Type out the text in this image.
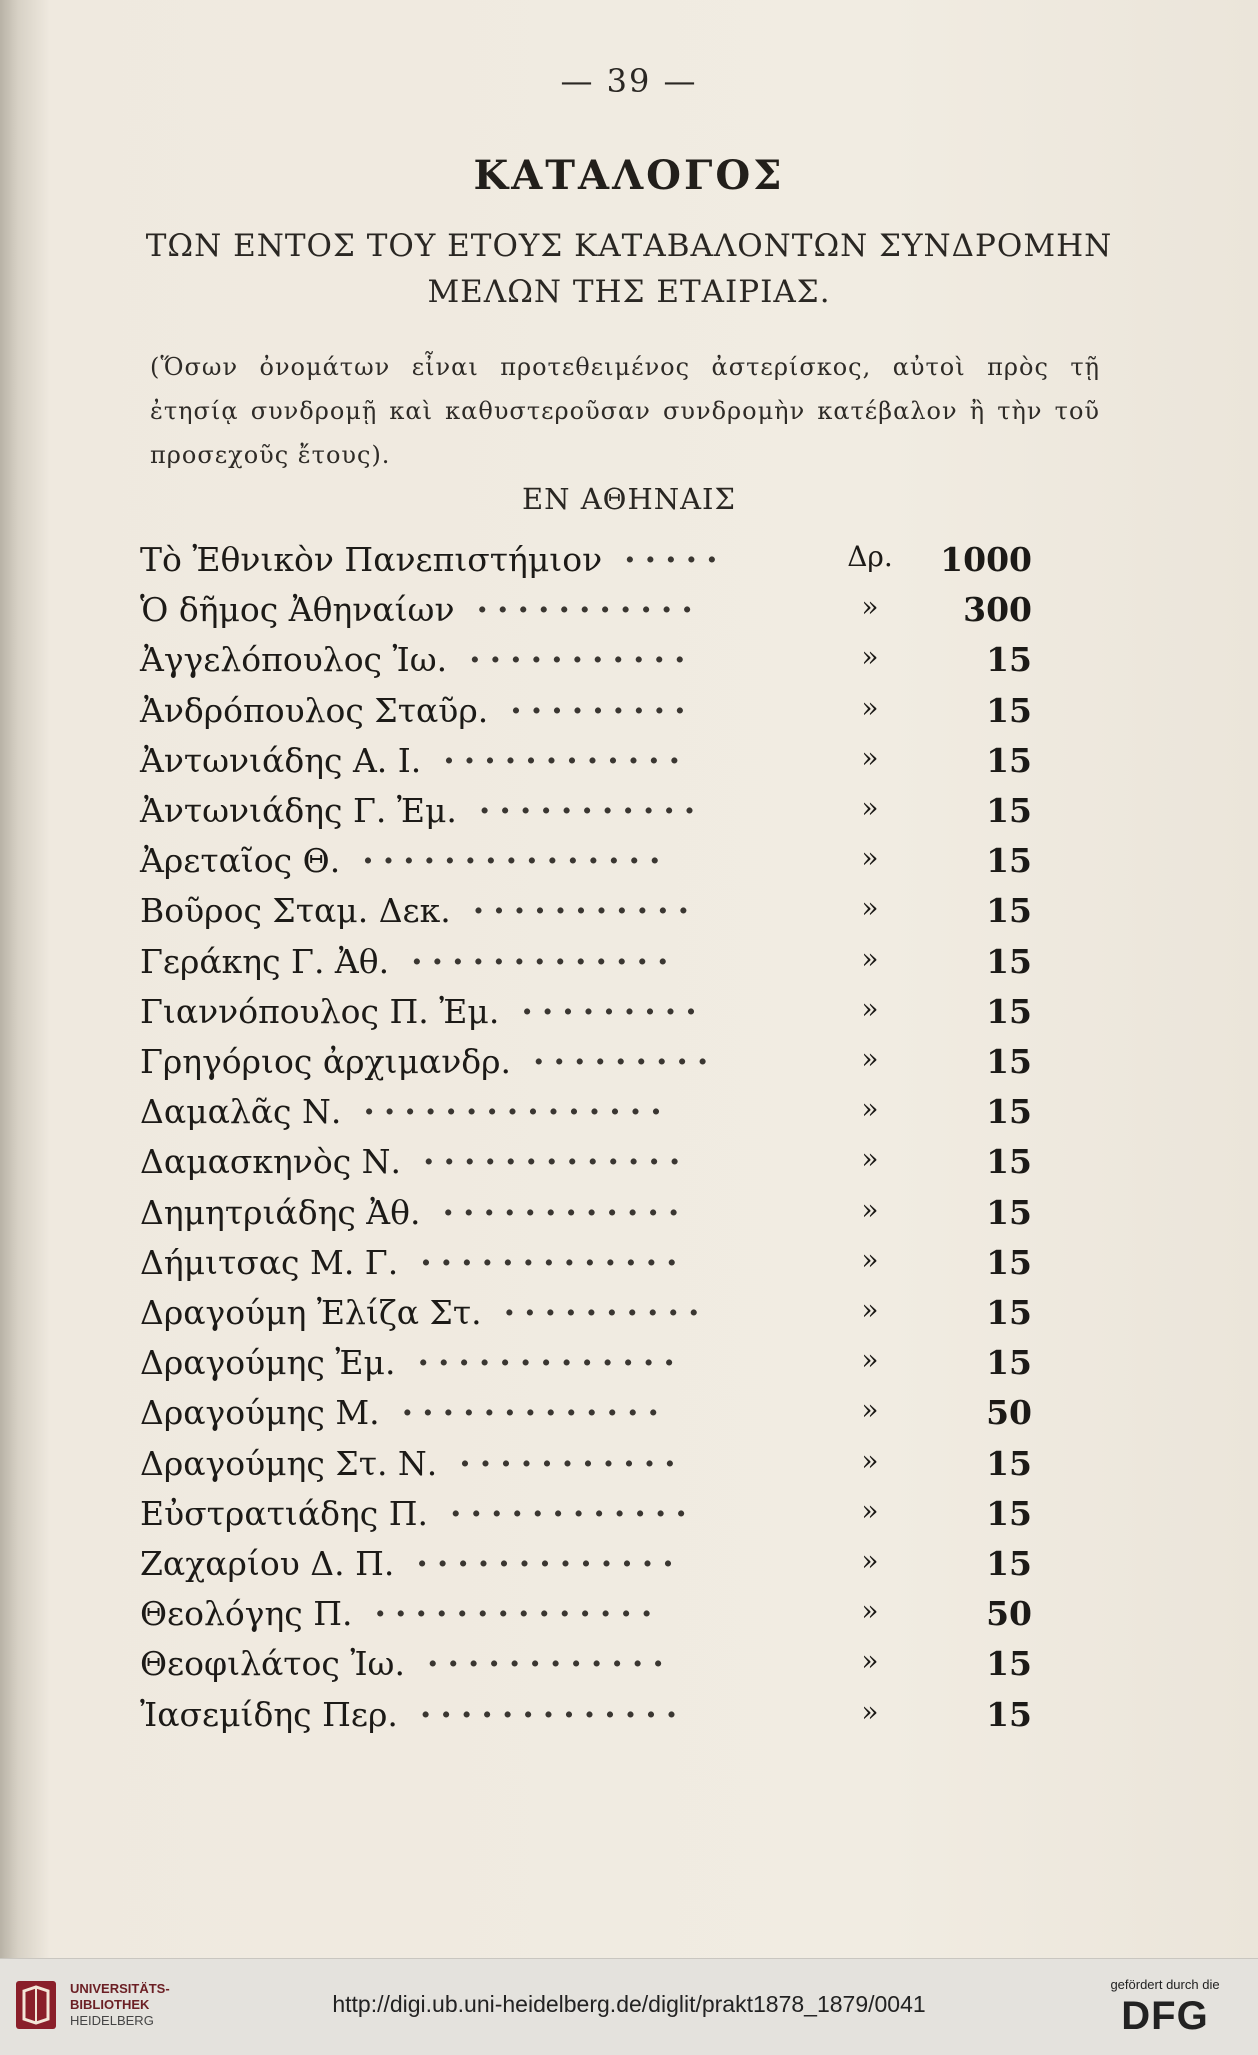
— 39 —
ΚΑΤΑΛΟΓΟΣ
ΤΩΝ ΕΝΤΟΣ ΤΟΥ ΕΤΟΥΣ ΚΑΤΑΒΑΛΟΝΤΩΝ ΣΥΝΔΡΟΜΗΝ
ΜΕΛΩΝ ΤΗΣ ΕΤΑΙΡΙΑΣ.
(Ὅσων ὀνομάτων εἶναι προτεθειμένος ἀστερίσκος, αὐτοὶ πρὸς τῇ ἐτησίᾳ συνδρομῇ καὶ καθυστεροῦσαν συνδρομὴν κατέβαλον ἢ τὴν τοῦ προσεχοῦς ἔτους).
ΕΝ ΑΘΗΝΑΙΣ
Τὸ Ἐθνικὸν Πανεπιστήμιον ·····	Δρ.	1000
Ὁ δῆμος Ἀθηναίων ···········	»	300
Ἀγγελόπουλος Ἰω. ···········	»	15
Ἀνδρόπουλος Σταῦρ. ·········	»	15
Ἀντωνιάδης Α. Ι. ············	»	15
Ἀντωνιάδης Γ. Ἐμ. ···········	»	15
Ἀρεταῖος Θ. ···············	»	15
Βοῦρος Σταμ. Δεκ. ···········	»	15
Γεράκης Γ. Ἀθ. ·············	»	15
Γιαννόπουλος Π. Ἐμ. ·········	»	15
Γρηγόριος ἀρχιμανδρ. ·········	»	15
Δαμαλᾶς Ν. ···············	»	15
Δαμασκηνὸς Ν. ·············	»	15
Δημητριάδης Ἀθ. ············	»	15
Δήμιτσας Μ. Γ. ·············	»	15
Δραγούμη Ἐλίζα Στ. ··········	»	15
Δραγούμης Ἐμ. ·············	»	15
Δραγούμης Μ. ·············	»	50
Δραγούμης Στ. Ν. ···········	»	15
Εὐστρατιάδης Π. ············	»	15
Ζαχαρίου Δ. Π. ·············	»	15
Θεολόγης Π. ··············	»	50
Θεοφιλάτος Ἰω. ············	»	15
Ἰασεμίδης Περ. ·············	»	15
UNIVERSITÄTS-
BIBLIOTHEK
HEIDELBERG
http://digi.ub.uni-heidelberg.de/diglit/prakt1878_1879/0041
gefördert durch die
DFG
